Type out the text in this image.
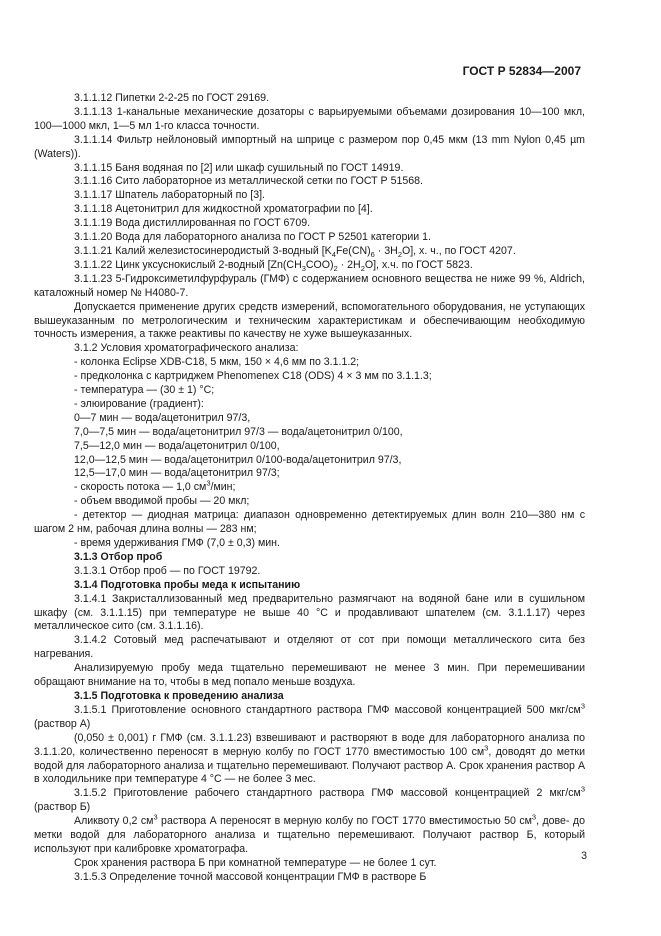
ГОСТ Р 52834—2007

3.1.1.12 Пипетки 2-2-25 по ГОСТ 29169.

3.1.1.13 1-канальные механические дозаторы с варьируемыми объемами дозирования 10—100 мкл, 100—1000 мкл, 1—5 мл 1-го класса точности.

3.1.1.14 Фильтр нейлоновый импортный на шприце с размером пор 0,45 мкм (13 mm Nylon 0,45 µm (Waters)).

3.1.1.15 Баня водяная по [2] или шкаф сушильный по ГОСТ 14919.

3.1.1.16 Сито лабораторное из металлической сетки по ГОСТ Р 51568.

3.1.1.17 Шпатель лабораторный по [3].

3.1.1.18 Ацетонитрил для жидкостной хроматографии по [4].

3.1.1.19 Вода дистиллированная по ГОСТ 6709.

3.1.1.20 Вода для лабораторного анализа по ГОСТ Р 52501 категории 1.

3.1.1.21 Калий железистосинеродистый 3-водный $[K_4Fe(CN)_6 \cdot 3H_2O]$, х. ч., по ГОСТ 4207.

3.1.1.22 Цинк уксуснокислый 2-водный $[Zn(CH_3COO)_2 \cdot 2H_2O]$, х.ч. по ГОСТ 5823.

3.1.1.23 5-Гидроксиметилфурфураль (ГМФ) с содержанием основного вещества не ниже 99 %, Aldrich, каталожный номер № H4080-7.

Допускается применение других средств измерений, вспомогательного оборудования, не уступающих вышеуказанным по метрологическим и техническим характеристикам и обеспечивающим необходимую точность измерения, а также реактивы по качеству не хуже вышеуказанных.

3.1.2 Условия хроматографического анализа:

- колонка Eclipse XDB-C18, 5 мкм, 150 × 4,6 мм по 3.1.1.2;

- предколонка с картриджем Phenomenex C18 (ODS) 4 × 3 мм по 3.1.1.3;

- температура — (30 ± 1) °С;

- элюирование (градиент):

0—7 мин — вода/ацетонитрил 97/3,

7,0—7,5 мин — вода/ацетонитрил 97/3 — вода/ацетонитрил 0/100,

7,5—12,0 мин — вода/ацетонитрил 0/100,

12,0—12,5 мин — вода/ацетонитрил 0/100-вода/ацетонитрил 97/3,

12,5—17,0 мин — вода/ацетонитрил 97/3;

- скорость потока — 1,0 $см^3$/мин;

- объем вводимой пробы — 20 мкл;

- детектор — диодная матрица: диапазон одновременно детектируемых длин волн 210—380 нм с шагом 2 нм, рабочая длина волны — 283 нм;

- время удерживания ГМФ (7,0 ± 0,3) мин.

3.1.3 Отбор проб

3.1.3.1 Отбор проб — по ГОСТ 19792.

3.1.4 Подготовка пробы меда к испытанию

3.1.4.1 Закристаллизованный мед предварительно размягчают на водяной бане или в сушильном шкафу (см. 3.1.1.15) при температуре не выше 40 °С и продавливают шпателем (см. 3.1.1.17) через металлическое сито (см. 3.1.1.16).

3.1.4.2 Сотовый мед распечатывают и отделяют от сот при помощи металлического сита без нагревания.

Анализируемую пробу меда тщательно перемешивают не менее 3 мин. При перемешивании обращают внимание на то, чтобы в мед попало меньше воздуха.

3.1.5 Подготовка к проведению анализа

3.1.5.1 Приготовление основного стандартного раствора ГМФ массовой концентрацией 500 мкг/$см^3$ (раствор А)

(0,050 ± 0,001) г ГМФ (см. 3.1.1.23) взвешивают и растворяют в воде для лабораторного анализа по 3.1.1.20, количественно переносят в мерную колбу по ГОСТ 1770 вместимостью 100 $см^3$, доводят до метки водой для лабораторного анализа и тщательно перемешивают. Получают раствор А. Срок хранения раствор А в холодильнике при температуре 4 °С — не более 3 мес.

3.1.5.2 Приготовление рабочего стандартного раствора ГМФ массовой концентрацией 2 мкг/$см^3$ (раствор Б)

Аликвоту 0,2 $см^3$ раствора А переносят в мерную колбу по ГОСТ 1770 вместимостью 50 $см^3$, дове- до метки водой для лабораторного анализа и тщательно перемешивают. Получают раствор Б, который используют при калибровке хроматографа.

Срок хранения раствора Б при комнатной температуре — не более 1 сут.

3.1.5.3 Определение точной массовой концентрации ГМФ в растворе Б

3
